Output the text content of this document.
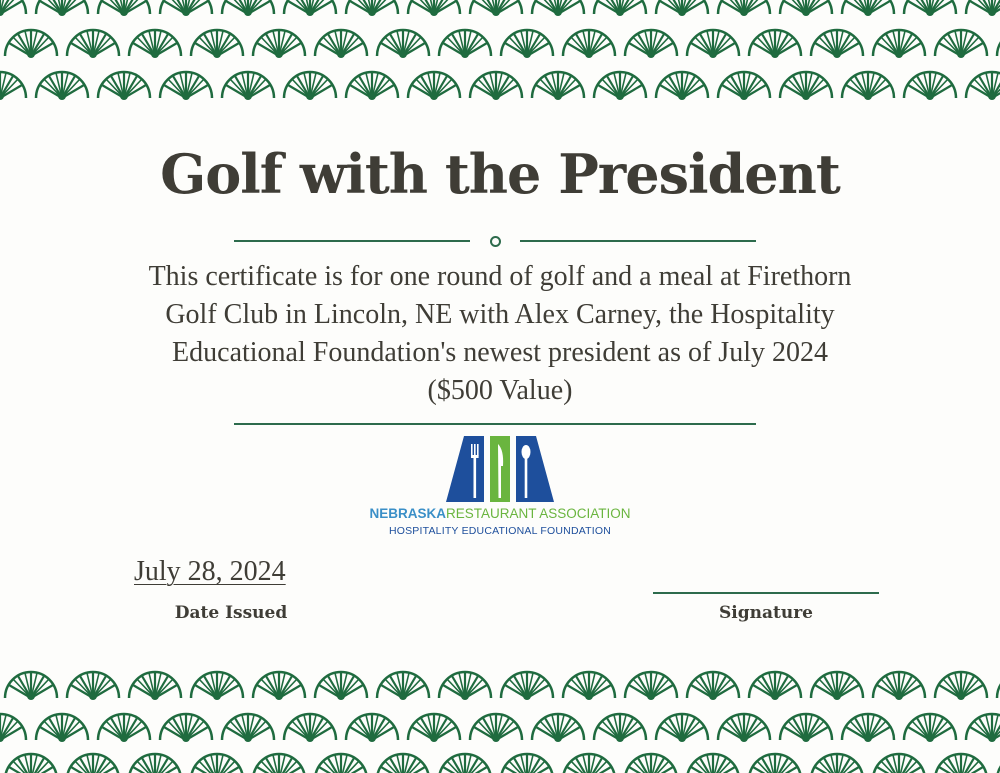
Golf with the President
This certificate is for one round of golf and a meal at Firethorn
Golf Club in Lincoln, NE with Alex Carney, the Hospitality
Educational Foundation's newest president as of July 2024
($500 Value)
NEBRASKARESTAURANT ASSOCIATION
HOSPITALITY EDUCATIONAL FOUNDATION
July 28, 2024
Date Issued	Signature
